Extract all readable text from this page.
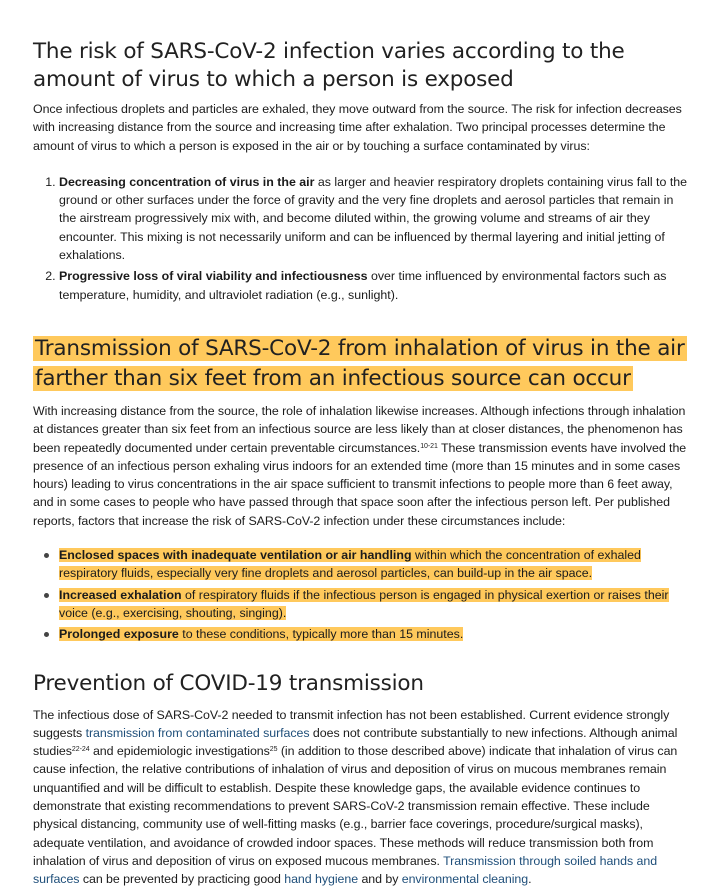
The risk of SARS-CoV-2 infection varies according to the amount of virus to which a person is exposed

Once infectious droplets and particles are exhaled, they move outward from the source. The risk for infection decreases with increasing distance from the source and increasing time after exhalation. Two principal processes determine the amount of virus to which a person is exposed in the air or by touching a surface contaminated by virus:

1. Decreasing concentration of virus in the air as larger and heavier respiratory droplets containing virus fall to the ground or other surfaces under the force of gravity and the very fine droplets and aerosol particles that remain in the airstream progressively mix with, and become diluted within, the growing volume and streams of air they encounter. This mixing is not necessarily uniform and can be influenced by thermal layering and initial jetting of exhalations.
2. Progressive loss of viral viability and infectiousness over time influenced by environmental factors such as temperature, humidity, and ultraviolet radiation (e.g., sunlight).
Transmission of SARS-CoV-2 from inhalation of virus in the air farther than six feet from an infectious source can occur

With increasing distance from the source, the role of inhalation likewise increases. Although infections through inhalation at distances greater than six feet from an infectious source are less likely than at closer distances, the phenomenon has been repeatedly documented under certain preventable circumstances.$^{10-21}$ These transmission events have involved the presence of an infectious person exhaling virus indoors for an extended time (more than 15 minutes and in some cases hours) leading to virus concentrations in the air space sufficient to transmit infections to people more than 6 feet away, and in some cases to people who have passed through that space soon after the infectious person left. Per published reports, factors that increase the risk of SARS-CoV-2 infection under these circumstances include:

Enclosed spaces with inadequate ventilation or air handling within which the concentration of exhaled respiratory fluids, especially very fine droplets and aerosol particles, can build-up in the air space.
Increased exhalation of respiratory fluids if the infectious person is engaged in physical exertion or raises their voice (e.g., exercising, shouting, singing).
Prolonged exposure to these conditions, typically more than 15 minutes.
Prevention of COVID-19 transmission

The infectious dose of SARS-CoV-2 needed to transmit infection has not been established. Current evidence strongly suggests transmission from contaminated surfaces does not contribute substantially to new infections. Although animal studies$^{22-24}$ and epidemiologic investigations$^{25}$ (in addition to those described above) indicate that inhalation of virus can cause infection, the relative contributions of inhalation of virus and deposition of virus on mucous membranes remain unquantified and will be difficult to establish. Despite these knowledge gaps, the available evidence continues to demonstrate that existing recommendations to prevent SARS-CoV-2 transmission remain effective. These include physical distancing, community use of well-fitting masks (e.g., barrier face coverings, procedure/surgical masks), adequate ventilation, and avoidance of crowded indoor spaces. These methods will reduce transmission both from inhalation of virus and deposition of virus on exposed mucous membranes. Transmission through soiled hands and surfaces can be prevented by practicing good hand hygiene and by environmental cleaning.
